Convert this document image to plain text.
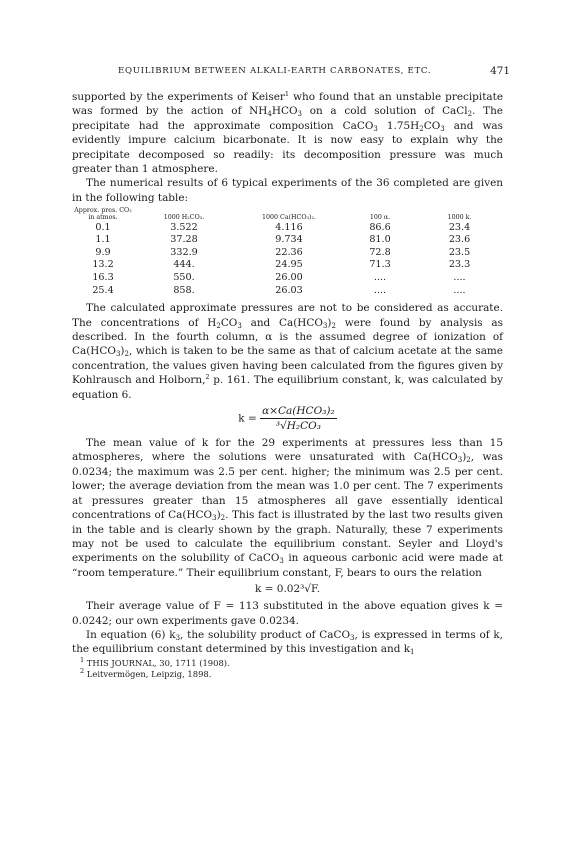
EQUILIBRIUM BETWEEN ALKALI-EARTH CARBONATES, ETC.	471

supported by the experiments of Keiser$^1$ who found that an unstable precipitate was formed by the action of $NH_4HCO_3$ on a cold solution of CaCl$_2$. The precipitate had the approximate composition CaCO$_3$ $1.75H_2CO_3$ and was evidently impure calcium bicarbonate. It is now easy to explain why the precipitate decomposed so readily: its decomposition pressure was much greater than 1 atmosphere.

The numerical results of 6 typical experiments of the 36 completed are given in the following table:

Approx. pres. CO₂ in atmos.	1000 H₂CO₃.	1000 Ca(HCO₃)₂.	100 α.	1000 k.
0.1	3.522	4.116	86.6	23.4
1.1	37.28	9.734	81.0	23.6
9.9	332.9	22.36	72.8	23.5
13.2	444.	24.95	71.3	23.3
16.3	550.	26.00	....	....
25.4	858.	26.03	....	....

The calculated approximate pressures are not to be considered as accurate. The concentrations of $H_2CO_3$ and $Ca(HCO_3)_2$ were found by analysis as described. In the fourth column, α is the assumed degree of ionization of $Ca(HCO_3)_2$, which is taken to be the same as that of calcium acetate at the same concentration, the values given having been calculated from the figures given by Kohlrausch and Holborn,$^2$ p. 161. The equilibrium constant, k, was calculated by equation 6.

$k = \frac{\text{α×Ca(HCO₃)₂}}{\text{³√H₂CO₃}}$

The mean value of k for the 29 experiments at pressures less than 15 atmospheres, where the solutions were unsaturated with $Ca(HCO_3)_2$, was 0.0234; the maximum was 2.5 per cent. higher; the minimum was 2.5 per cent. lower; the average deviation from the mean was 1.0 per cent. The 7 experiments at pressures greater than 15 atmospheres all gave essentially identical concentrations of $Ca(HCO_3)_2$. This fact is illustrated by the last two results given in the table and is clearly shown by the graph. Naturally, these 7 experiments may not be used to calculate the equilibrium constant. Seyler and Lloyd's experiments on the solubility of CaCO$_3$ in aqueous carbonic acid were made at “room temperature.” Their equilibrium constant, F, bears to ours the relation

k = 0.02³√F.

Their average value of F = 113 substituted in the above equation gives k = 0.0242; our own experiments gave 0.0234.

In equation (6) $k_3$, the solubility product of CaCO$_3$, is expressed in terms of k, the equilibrium constant determined by this investigation and $k_1$

$^1$ THIS JOURNAL, 30, 1711 (1908).

$^2$ Leitvermögen, Leipzig, 1898.
